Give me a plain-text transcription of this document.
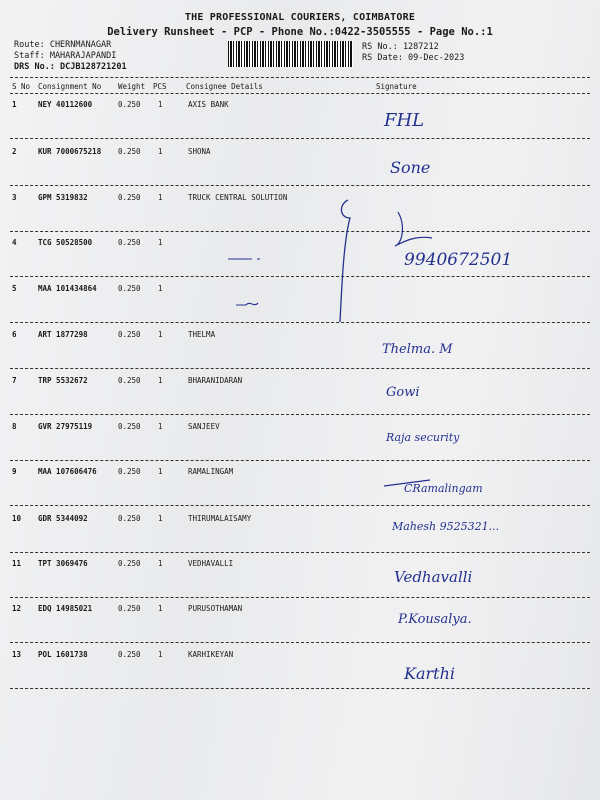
THE PROFESSIONAL COURIERS, COIMBATORE
Delivery Runsheet - PCP - Phone No.:0422-3505555 - Page No.:1
Route: CHERNMANAGAR
Staff: MAHARAJAPANDI
DRS No.: DCJB128721201
RS No.: 1287212
RS Date: 09-Dec-2023
S No Consignment No Weight PCS	Consignee Details	Signature
1	NEY 40112600	0.250 1	AXIS BANK
FHL
2	KUR 7000675218 0.250 1	SHONA
Sone
3	GPM 5319832	0.250 1	TRUCK CENTRAL SOLUTION
4	TCG 50528500	0.250 1
9940672501
5	MAA 101434864	0.250 1
6	ART 1877298	0.250 1	THELMA
Thelma. M
7	TRP 5532672	0.250 1	BHARANIDARAN
Gowi
8	GVR 27975119	0.250 1	SANJEEV
Raja security
9	MAA 107606476	0.250 1	RAMALINGAM
CRamalingam
10 GDR 5344092	0.250 1	THIRUMALAISAMY
Mahesh 9525321...
11 TPT 3069476	0.250 1	VEDHAVALLI
Vedhavalli
12 EDQ 14985021	0.250 1	PURUSOTHAMAN
P.Kousalya.
13 POL 1601738	0.250 1	KARHIKEYAN
Karthi
